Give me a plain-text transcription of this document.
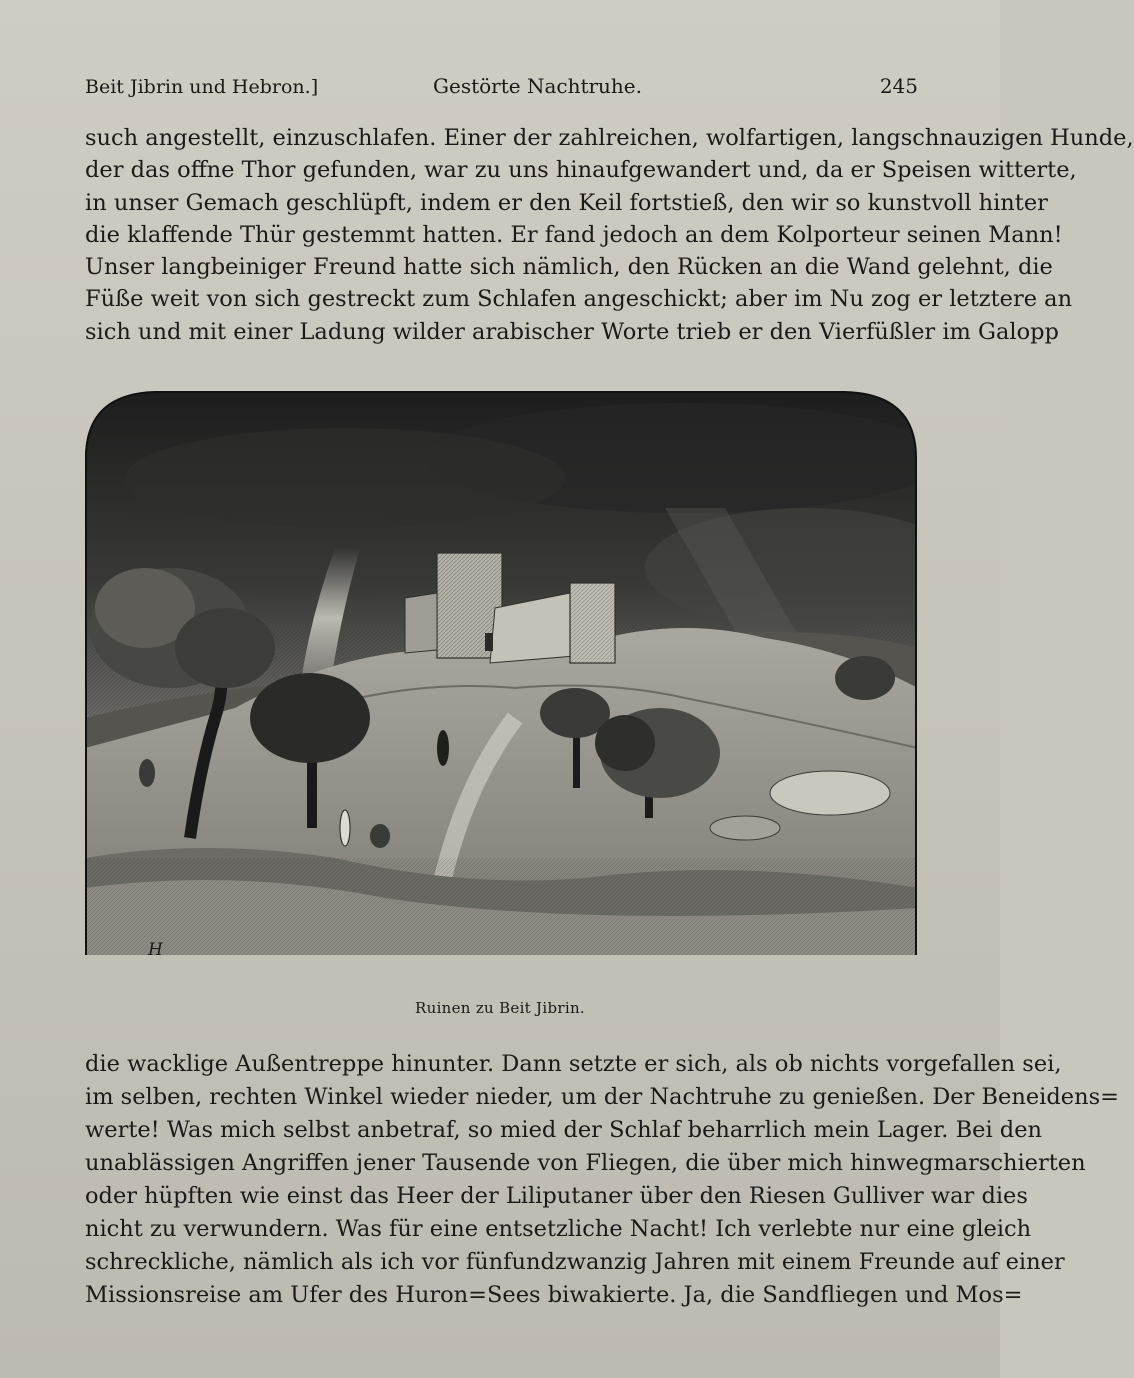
Beit Jibrin und Hebron.]	Gestörte Nachtruhe.	245
such angestellt, einzuschlafen. Einer der zahlreichen, wolfartigen, langschnauzigen Hunde,
der das offne Thor gefunden, war zu uns hinaufgewandert und, da er Speisen witterte,
in unser Gemach geschlüpft, indem er den Keil fortstieß, den wir so kunstvoll hinter
die klaffende Thür gestemmt hatten. Er fand jedoch an dem Kolporteur seinen Mann!
Unser langbeiniger Freund hatte sich nämlich, den Rücken an die Wand gelehnt, die
Füße weit von sich gestreckt zum Schlafen angeschickt; aber im Nu zog er letztere an
sich und mit einer Ladung wilder arabischer Worte trieb er den Vierfüßler im Galopp
H
Ruinen zu Beit Jibrin.
die wacklige Außentreppe hinunter. Dann setzte er sich, als ob nichts vorgefallen sei,
im selben, rechten Winkel wieder nieder, um der Nachtruhe zu genießen. Der Beneidens=
werte! Was mich selbst anbetraf, so mied der Schlaf beharrlich mein Lager. Bei den
unablässigen Angriffen jener Tausende von Fliegen, die über mich hinwegmarschierten
oder hüpften wie einst das Heer der Liliputaner über den Riesen Gulliver war dies
nicht zu verwundern. Was für eine entsetzliche Nacht! Ich verlebte nur eine gleich
schreckliche, nämlich als ich vor fünfundzwanzig Jahren mit einem Freunde auf einer
Missionsreise am Ufer des Huron=Sees biwakierte. Ja, die Sandfliegen und Mos=
